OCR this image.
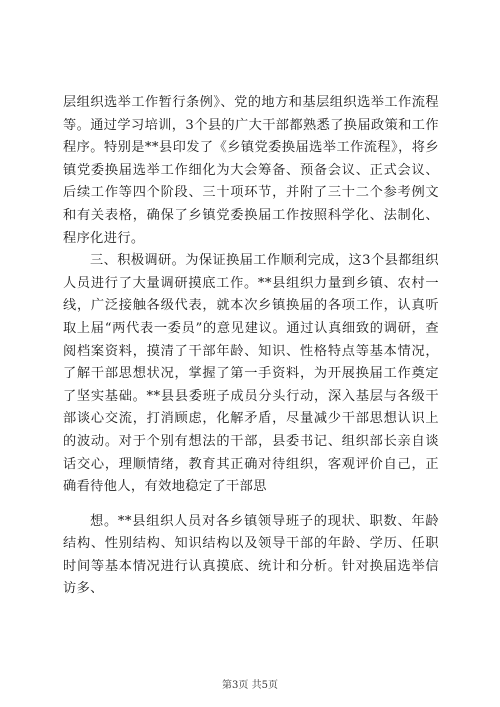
层组织选举工作暂行条例》、党的地方和基层组织选举工作流程等。通过学习培训，3个县的广大干部都熟悉了换届政策和工作程序。特别是**县印发了《乡镇党委换届选举工作流程》，将乡镇党委换届选举工作细化为大会筹备、预备会议、正式会议、后续工作等四个阶段、三十项环节，并附了三十二个参考例文和有关表格，确保了乡镇党委换届工作按照科学化、法制化、程序化进行。

三、积极调研。为保证换届工作顺利完成，这3个县都组织人员进行了大量调研摸底工作。**县组织力量到乡镇、农村一线，广泛接触各级代表，就本次乡镇换届的各项工作，认真听取上届“两代表一委员”的意见建议。通过认真细致的调研，查阅档案资料，摸清了干部年龄、知识、性格特点等基本情况，了解干部思想状况，掌握了第一手资料，为开展换届工作奠定了坚实基础。**县县委班子成员分头行动，深入基层与各级干部谈心交流，打消顾虑，化解矛盾，尽量减少干部思想认识上的波动。对于个别有想法的干部，县委书记、组织部长亲自谈话交心，理顺情绪，教育其正确对待组织，客观评价自己，正确看待他人，有效地稳定了干部思

想。**县组织人员对各乡镇领导班子的现状、职数、年龄结构、性别结构、知识结构以及领导干部的年龄、学历、任职时间等基本情况进行认真摸底、统计和分析。针对换届选举信访多、

第3页 共5页
